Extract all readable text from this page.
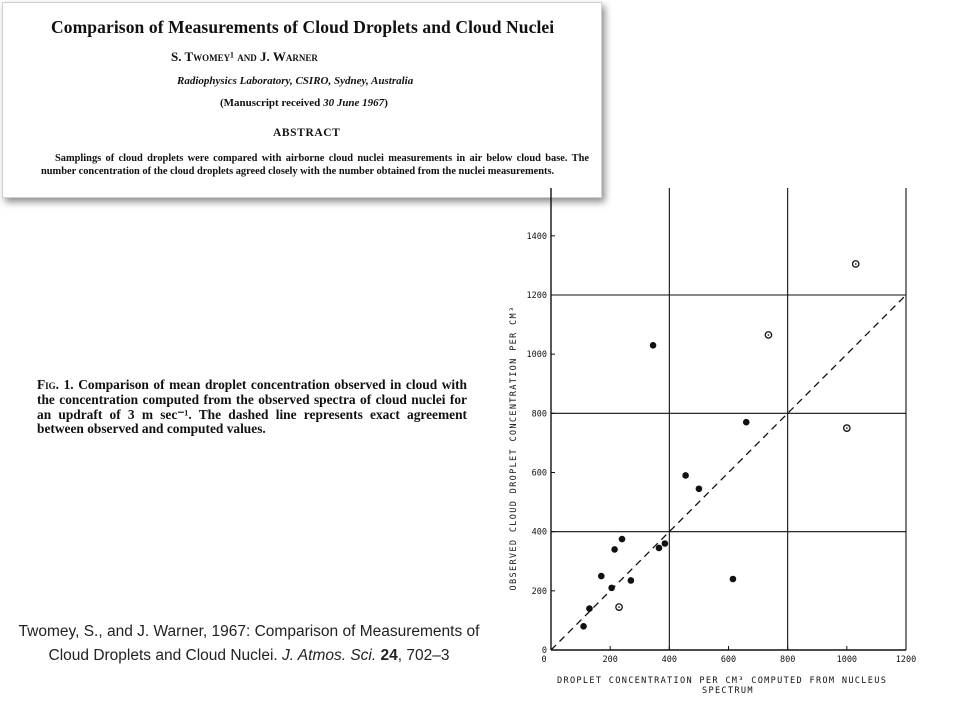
Comparison of Measurements of Cloud Droplets and Cloud Nuclei
S. Twomey¹ and J. Warner
Radiophysics Laboratory, CSIRO, Sydney, Australia
(Manuscript received 30 June 1967)
ABSTRACT
Samplings of cloud droplets were compared with airborne cloud nuclei measurements in air below cloud base. The number concentration of the cloud droplets agreed closely with the number obtained from the nuclei measurements.
Fig. 1. Comparison of mean droplet concentration observed in cloud with the concentration computed from the observed spectra of cloud nuclei for an updraft of 3 m sec⁻¹. The dashed line represents exact agreement between observed and computed values.
Twomey, S., and J. Warner, 1967: Comparison of Measurements of Cloud Droplets and Cloud Nuclei. J. Atmos. Sci. 24, 702–3	0	200	400	600	800	1000	1200
0
200
400
600
800
1000
1200
1400
OBSERVED CLOUD DROPLET CONCENTRATION PER CM³
DROPLET CONCENTRATION PER CM³ COMPUTED FROM NUCLEUS SPECTRUM
